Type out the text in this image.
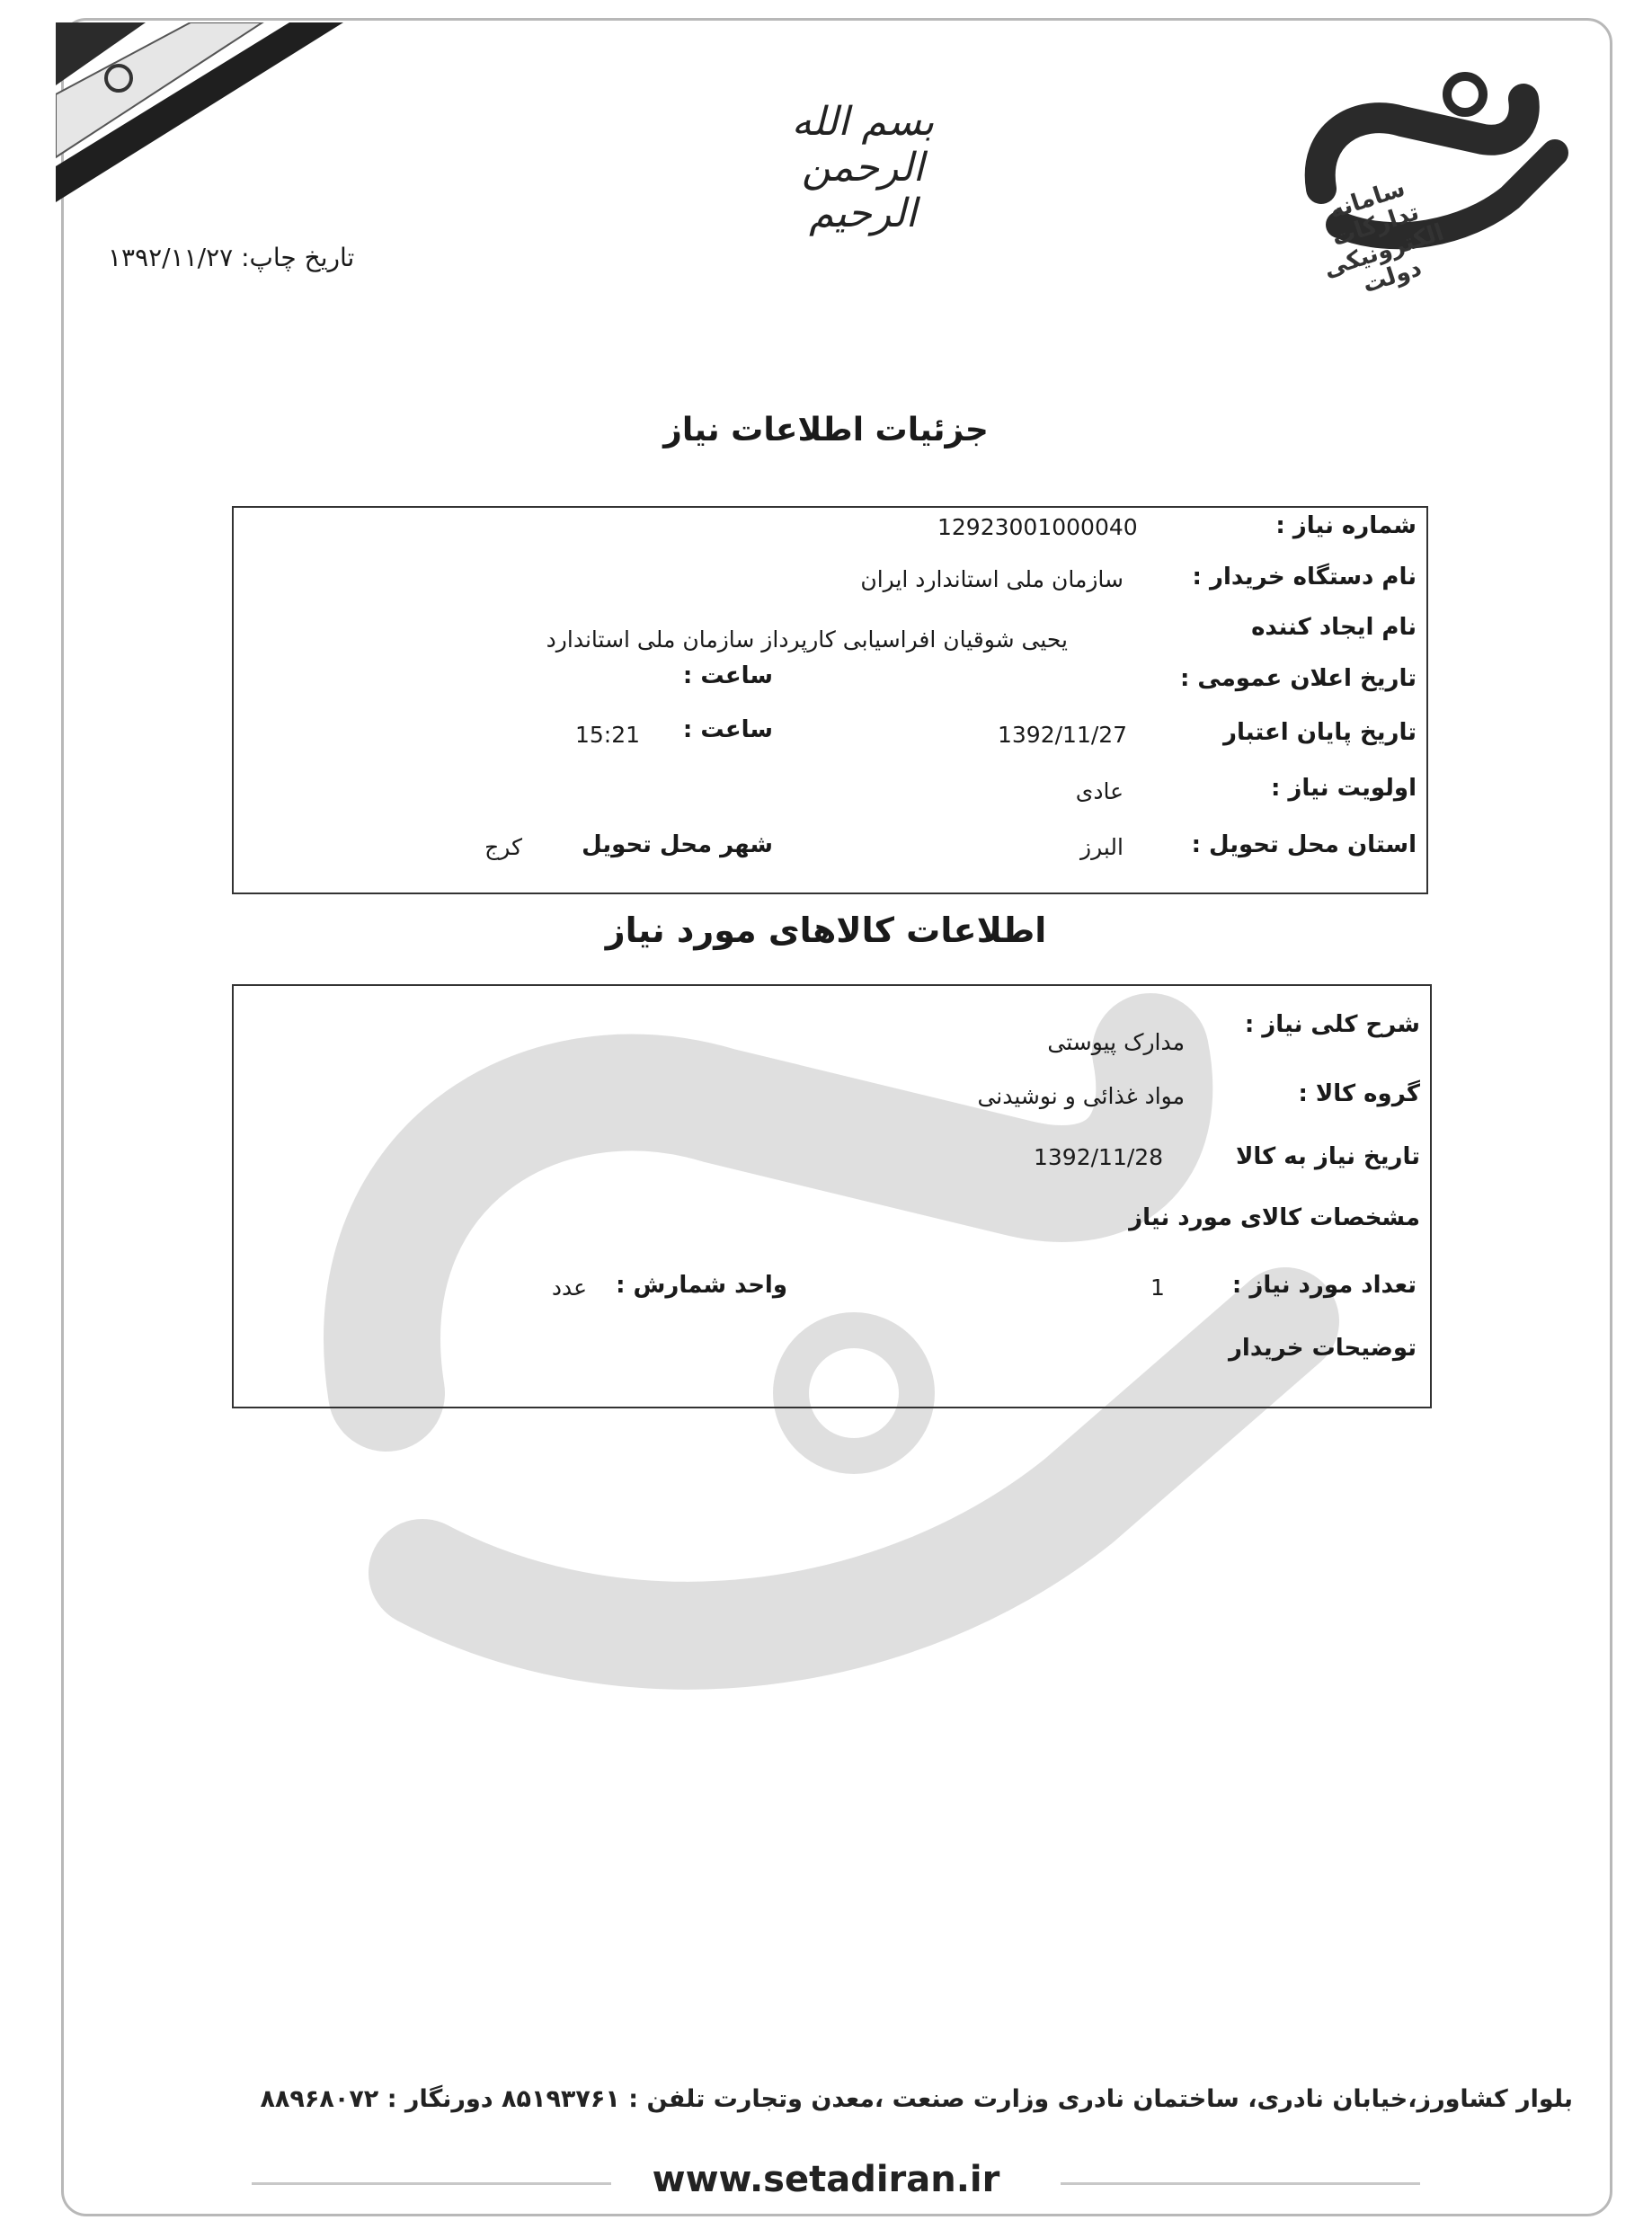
بسم الله الرحمن الرحیم
تاریخ چاپ: ۱۳۹۲/۱۱/۲۷
سامانه تدارکات الکترونیکی دولت
جزئیات اطلاعات نیاز
شماره نیاز :
12923001000040
نام دستگاه خریدار :
سازمان ملی استاندارد ایران
نام ایجاد کننده
یحیی شوقیان افراسیابی کارپرداز سازمان ملی استاندارد
تاریخ اعلان عمومی :
ساعت :
تاریخ پایان اعتبار
1392/11/27
ساعت :
15:21
اولویت نیاز :
عادی
استان محل تحویل :
البرز
شهر محل تحویل
کرج
اطلاعات کالاهای مورد نیاز
شرح کلی نیاز :
مدارک پیوستی
گروه کالا :
مواد غذائی و نوشیدنی
تاریخ نیاز به کالا
1392/11/28
مشخصات کالای مورد نیاز
تعداد مورد نیاز :
1
واحد شمارش :
عدد
توضیحات خریدار
بلوار کشاورز،خیابان نادری، ساختمان نادری وزارت صنعت ،معدن وتجارت تلفن : ۸۵۱۹۳۷۶۱ دورنگار : ۸۸۹۶۸۰۷۲
www.setadiran.ir
